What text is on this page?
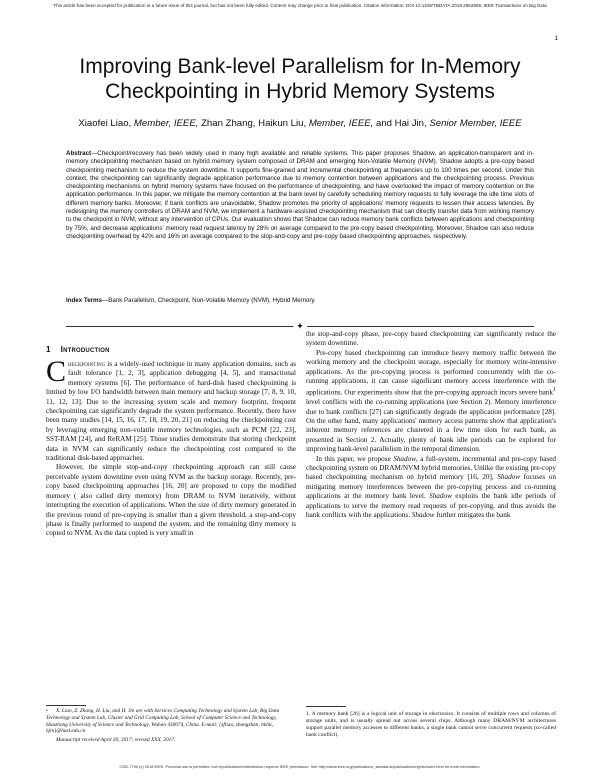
This article has been accepted for publication in a future issue of this journal, but has not been fully edited. Content may change prior to final publication. Citation information: DOI 10.1109/TBDATA.2019.2862906, IEEE Transactions on Big Data
1
Improving Bank-level Parallelism for In-Memory Checkpointing in Hybrid Memory Systems
Xiaofei Liao, Member, IEEE, Zhan Zhang, Haikun Liu, Member, IEEE, and Hai Jin, Senior Member, IEEE

Abstract—Checkpoint/recovery has been widely used in many high available and reliable systems. This paper proposes Shadow, an application-transparent and in-memory checkpointing mechanism based on hybrid memory system composed of DRAM and emerging Non-Volatile Memory (NVM). Shadow adopts a pre-copy based checkpointing mechanism to reduce the system downtime. It supports fine-grained and incremental checkpointing at frequencies up to 100 times per second. Under this context, the checkpointing can significantly degrade application performance due to memory contention between applications and the checkpointing process. Previous checkpointing mechanisms on hybrid memory systems have focused on the performance of checkpointing, and have overlooked the impact of memory contention on the application performance. In this paper, we mitigate the memory contention at the bank level by carefully scheduling memory requests to fully leverage the idle time slots of different memory banks. Moreover, if bank conflicts are unavoidable, Shadow promotes the priority of applications' memory requests to lessen their access latencies. By redesigning the memory controllers of DRAM and NVM, we implement a hardware-assisted checkpointing mechanism that can directly transfer data from working memory to the checkpoint in NVM, without any intervention of CPUs. Our evaluation shows that Shadow can reduce memory bank conflicts between applications and checkpointing by 75%, and decrease applications' memory read request latency by 28% on average compared to the pre-copy based checkpointing. Moreover, Shadow can also reduce checkpointing overhead by 42% and 16% on average compared to the stop-and-copy and pre-copy based checkpointing approaches, respectively.

Index Terms—Bank Parallelism, Checkpoint, Non-Volatile Memory (NVM), Hybrid Memory.

✦
1 Introduction

Checkpointing is a widely-used technique in many application domains, such as fault tolerance [1, 2, 3], application debugging [4, 5], and transactional memory systems [6]. The performance of hard-disk based checkpointing is limited by low I/O bandwidth between main memory and backup storage [7, 8, 9, 10, 11, 12, 13]. Due to the increasing system scale and memory footprint, frequent checkpointing can significantly degrade the system performance. Recently, there have been many studies [14, 15, 16, 17, 18, 19, 20, 21] on reducing the checkpointing cost by leveraging emerging non-volatile memory technologies, such as PCM [22, 23], SST-RAM [24], and ReRAM [25]. Those studies demonstrate that storing checkpoint data in NVM can significantly reduce the checkpointing cost compared to the traditional disk-based approaches.

However, the simple stop-and-copy checkpointing approach can still cause perceivable system downtime even using NVM as the backup storage. Recently, pre-copy based checkpointing approaches [16, 20] are proposed to copy the modified memory ( also called dirty memory) from DRAM to NVM iteratively, without interrupting the execution of applications. When the size of dirty memory generated in the previous round of pre-copying is smaller than a given threshold, a stop-and-copy phase is finally performed to suspend the system, and the remaining dirty memory is copied to NVM. As the data copied is very small in

the stop-and-copy phase, pre-copy based checkpointing can significantly reduce the system downtime.

Pre-copy based checkpointing can introduce heavy memory traffic between the working memory and the checkpoint storage, especially for memory write-intensive applications. As the pre-copying process is performed concurrently with the co-running applications, it can cause significant memory access interference with the applications. Our experiments show that the pre-copying approach incurs severe bank$^1$ level conflicts with the co-running applications (see Section 2). Memory interference due to bank conflicts [27] can significantly degrade the application performance [28]. On the other hand, many applications' memory access patterns show that application's inherent memory references are clustered in a few time slots for each bank, as presented in Section 2. Actually, plenty of bank idle periods can be explored for improving bank-level parallelism in the temporal dimension.

In this paper, we propose Shadow, a full-system, incremental and pre-copy based checkpointing system on DRAM/NVM hybrid memories. Unlike the existing pre-copy based checkpointing mechanism on hybrid memory [16, 20], Shadow focuses on mitigating memory interferences between the pre-copying process and co-running applications at the memory bank level. Shadow exploits the bank idle periods of applications to serve the memory read requests of pre-copying, and thus avoids the bank conflicts with the applications. Shadow further mitigates the bank

• X. Liao, Z. Zhang, H. Liu, and H. Jin are with Services Computing Technology and System Lab, Big Data Technology and System Lab, Cluster and Grid Computing Lab, School of Computer Science and Technology, Huazhong University of Science and Technology, Wuhan 430074, China. E-mail: {xfliao, zhangzhan, hkliu, hjin}@hust.edu.cn

Manuscript received April 30, 2017; revised XXX, 2017.

1. A memory bank [26] is a logical unit of storage in electronics. It consists of multiple rows and columns of storage units, and is usually spread out across several chips. Although many DRAM/NVM architectures support parallel memory accesses to different banks, a single bank cannot serve concurrent requests (so-called bank conflict).

2332-7790 (c) 2018 IEEE. Personal use is permitted, but republication/redistribution requires IEEE permission. See http://www.ieee.org/publications_standards/publications/rights/index.html for more information.
